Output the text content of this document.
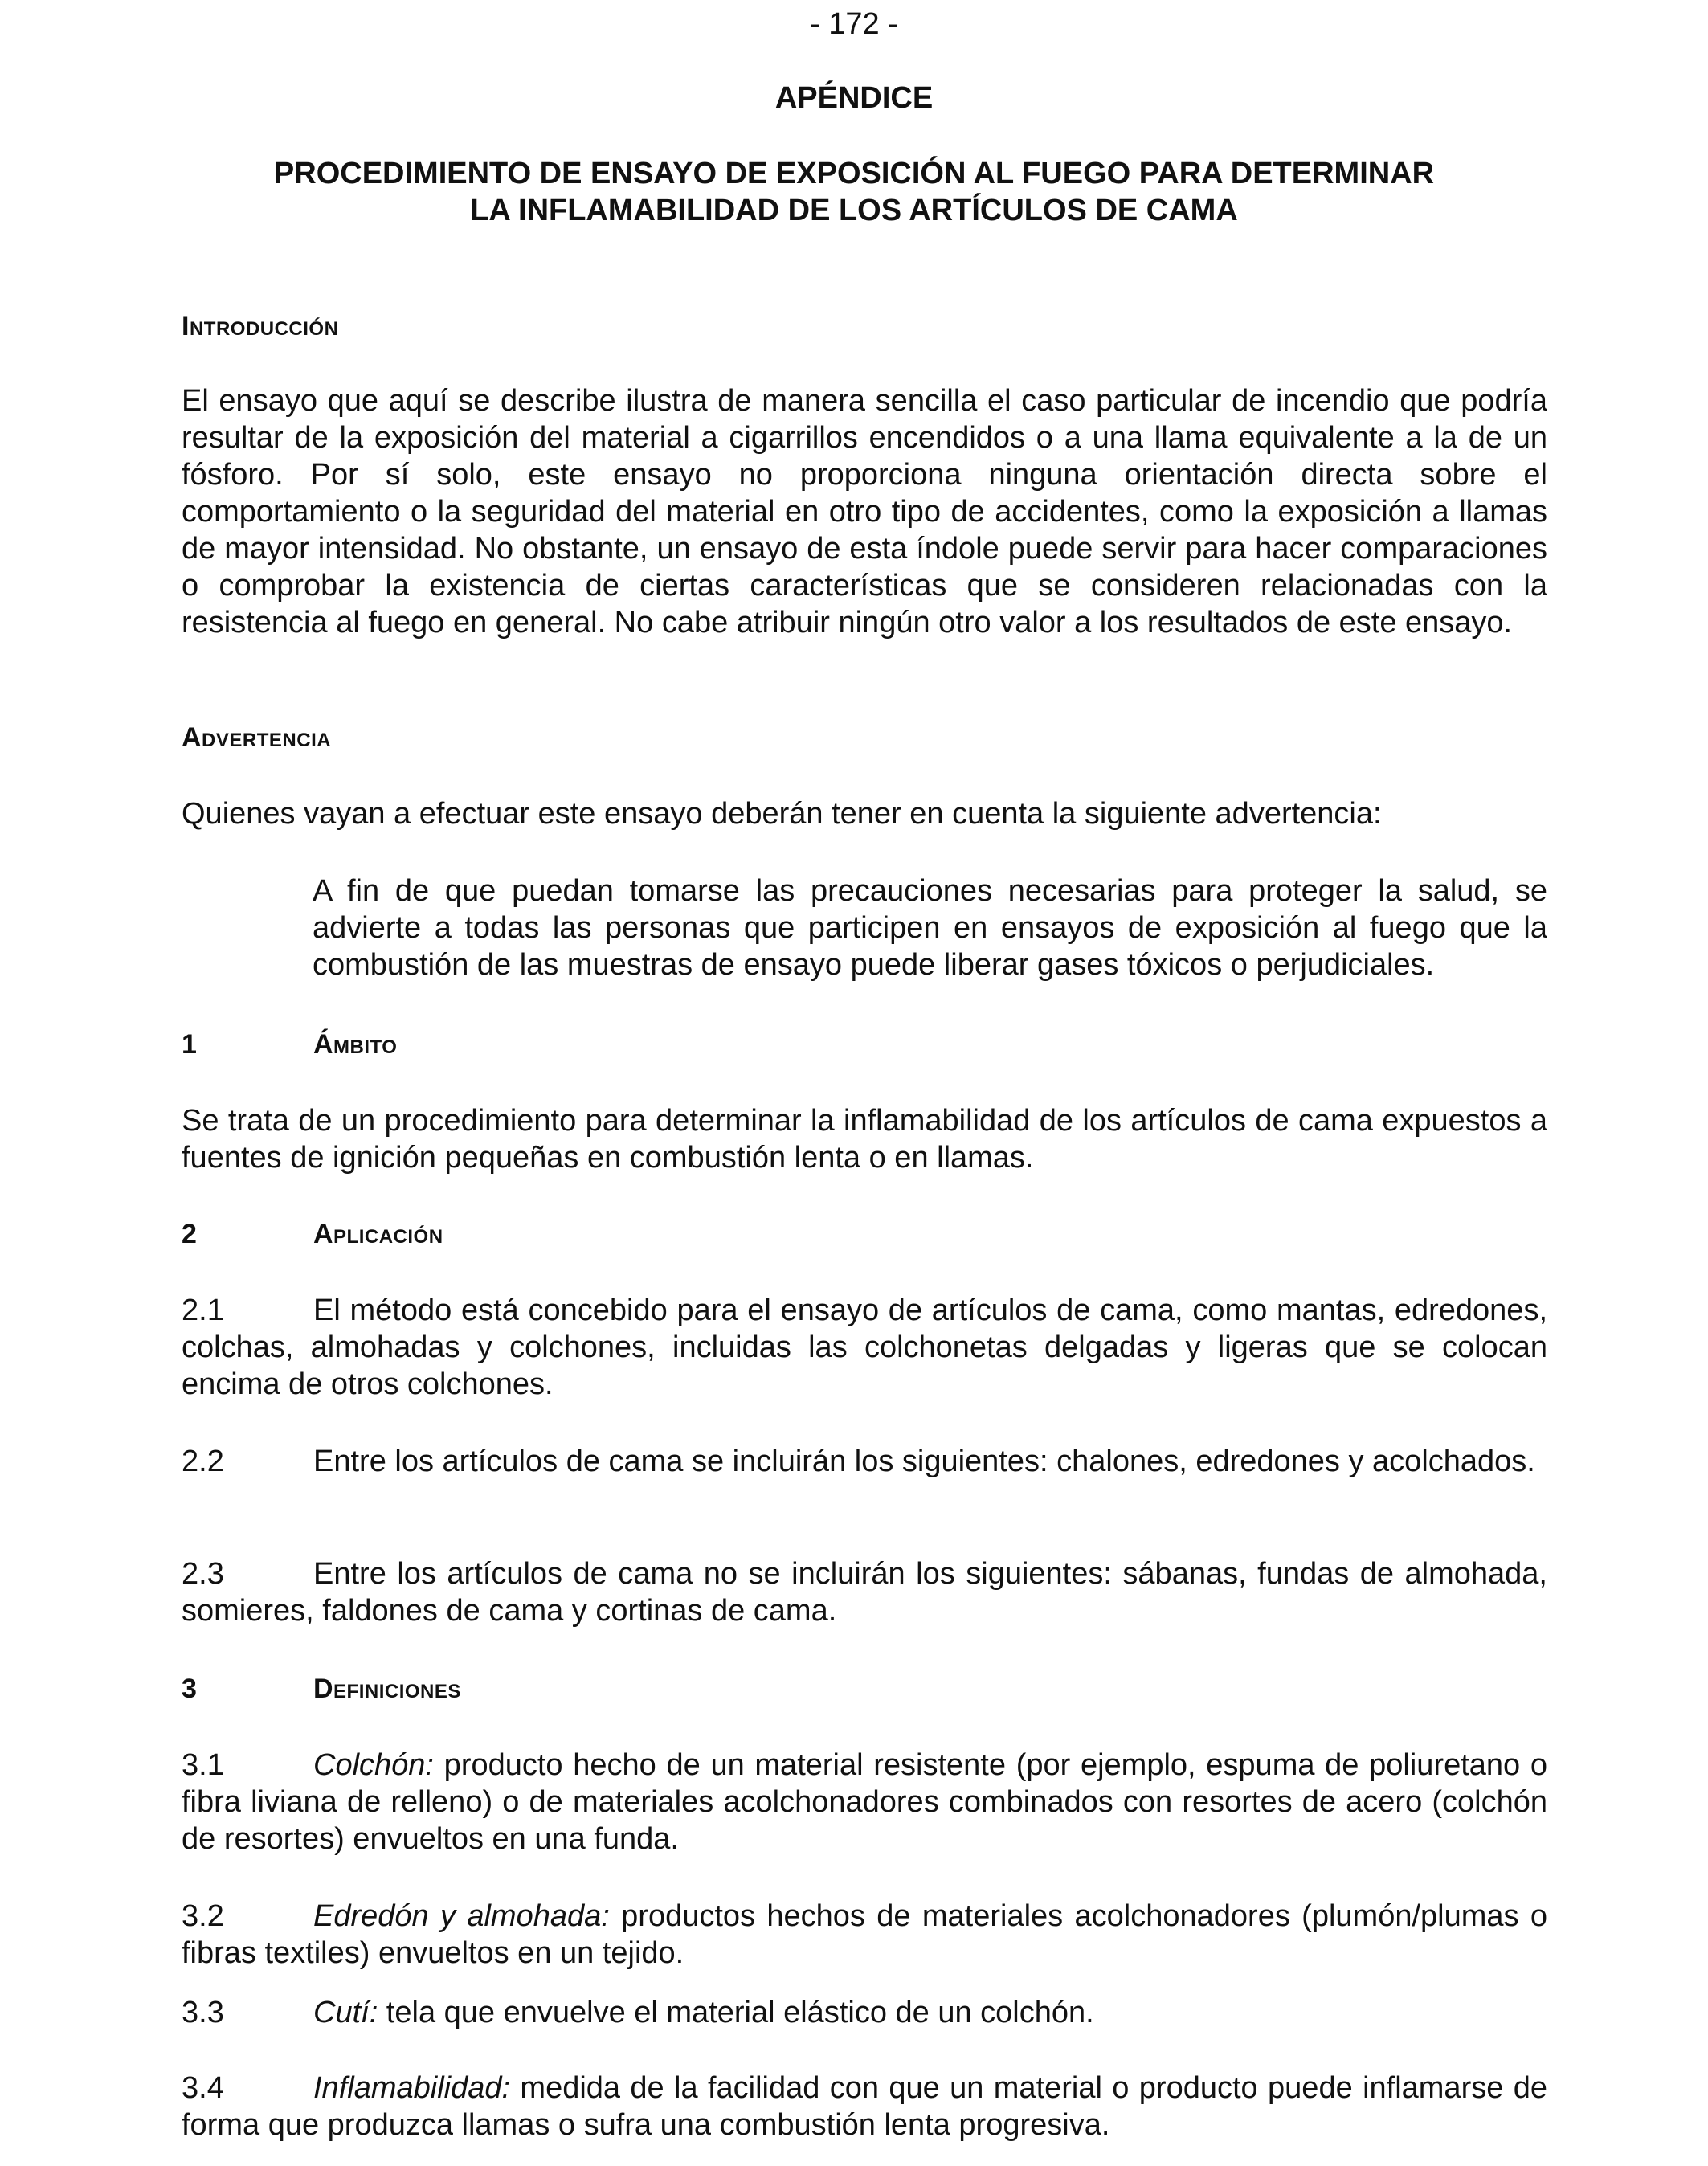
- 172 -
APÉNDICE
PROCEDIMIENTO DE ENSAYO DE EXPOSICIÓN AL FUEGO PARA DETERMINAR
LA INFLAMABILIDAD DE LOS ARTÍCULOS DE CAMA
Introducción
El ensayo que aquí se describe ilustra de manera sencilla el caso particular de incendio que podría resultar de la exposición del material a cigarrillos encendidos o a una llama equivalente a la de un fósforo. Por sí solo, este ensayo no proporciona ninguna orientación directa sobre el comportamiento o la seguridad del material en otro tipo de accidentes, como la exposición a llamas de mayor intensidad. No obstante, un ensayo de esta índole puede servir para hacer comparaciones o comprobar la existencia de ciertas características que se consideren relacionadas con la resistencia al fuego en general. No cabe atribuir ningún otro valor a los resultados de este ensayo.
Advertencia
Quienes vayan a efectuar este ensayo deberán tener en cuenta la siguiente advertencia:
A fin de que puedan tomarse las precauciones necesarias para proteger la salud, se advierte a todas las personas que participen en ensayos de exposición al fuego que la combustión de las muestras de ensayo puede liberar gases tóxicos o perjudiciales.
1	Ámbito
Se trata de un procedimiento para determinar la inflamabilidad de los artículos de cama expuestos a fuentes de ignición pequeñas en combustión lenta o en llamas.
2	Aplicación
2.1	El método está concebido para el ensayo de artículos de cama, como mantas, edredones, colchas, almohadas y colchones, incluidas las colchonetas delgadas y ligeras que se colocan encima de otros colchones.
2.2	Entre los artículos de cama se incluirán los siguientes: chalones, edredones y acolchados.
2.3	Entre los artículos de cama no se incluirán los siguientes: sábanas, fundas de almohada, somieres, faldones de cama y cortinas de cama.
3	Definiciones
3.1	Colchón: producto hecho de un material resistente (por ejemplo, espuma de poliuretano o fibra liviana de relleno) o de materiales acolchonadores combinados con resortes de acero (colchón de resortes) envueltos en una funda.
3.2	Edredón y almohada: productos hechos de materiales acolchonadores (plumón/plumas o fibras textiles) envueltos en un tejido.
3.3	Cutí: tela que envuelve el material elástico de un colchón.
3.4	Inflamabilidad: medida de la facilidad con que un material o producto puede inflamarse de forma que produzca llamas o sufra una combustión lenta progresiva.
